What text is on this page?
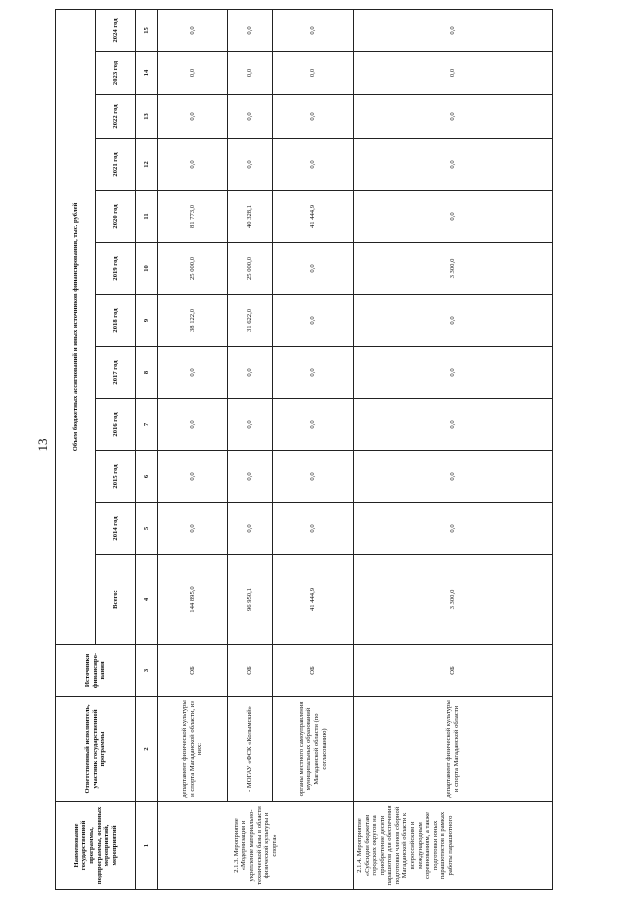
13
Наименование государственной программы, подпрограммы, основных мероприятий, мероприятий	Ответственный исполнитель, участник государственной программы	Источники финансиро-вания	Объем бюджетных ассигнований и иных источников финансирования, тыс. рублей											
			Всего:	2014 год	2015 год	2016 год	2017 год	2018 год	2019 год	2020 год	2021 год	2022 год	2023 год	2024 год
1	2	3	4	5	6	7	8	9	10	11	12	13	14	15
2.1.3. Мероприятие «Модернизация и укрепление материально-технической базы в области физической культуры и спорта»	департамент физической культуры и спорта Магаданской области, из них:	ОБ	144 895,0	0,0	0,0	0,0	0,0	38 122,0	25 000,0	81 773,0	0,0	0,0	0,0	0,0
	- МОГАУ «ФСК «Колымский»	ОБ	96 950,1	0,0	0,0	0,0	0,0	31 622,0	25 000,0	40 328,1	0,0	0,0	0,0	0,0
	органы местного самоуправления муниципальных образований Магаданской области (по согласованию)	ОБ	41 444,9	0,0	0,0	0,0	0,0	0,0	0,0	41 444,9	0,0	0,0	0,0	0,0
2.1.4. Мероприятие «Субсидии бюджетам городских округов на приобретение десяти парашютов для обеспечения подготовки членов сборной Магаданской области к всероссийским и международным соревнованиям, а также подготовки юных парашютистов в рамках работы парашютного	департамент физической культуры и спорта Магаданской области	ОБ	3 300,0	0,0	0,0	0,0	0,0	0,0	3 300,0	0,0	0,0	0,0	0,0	0,0
